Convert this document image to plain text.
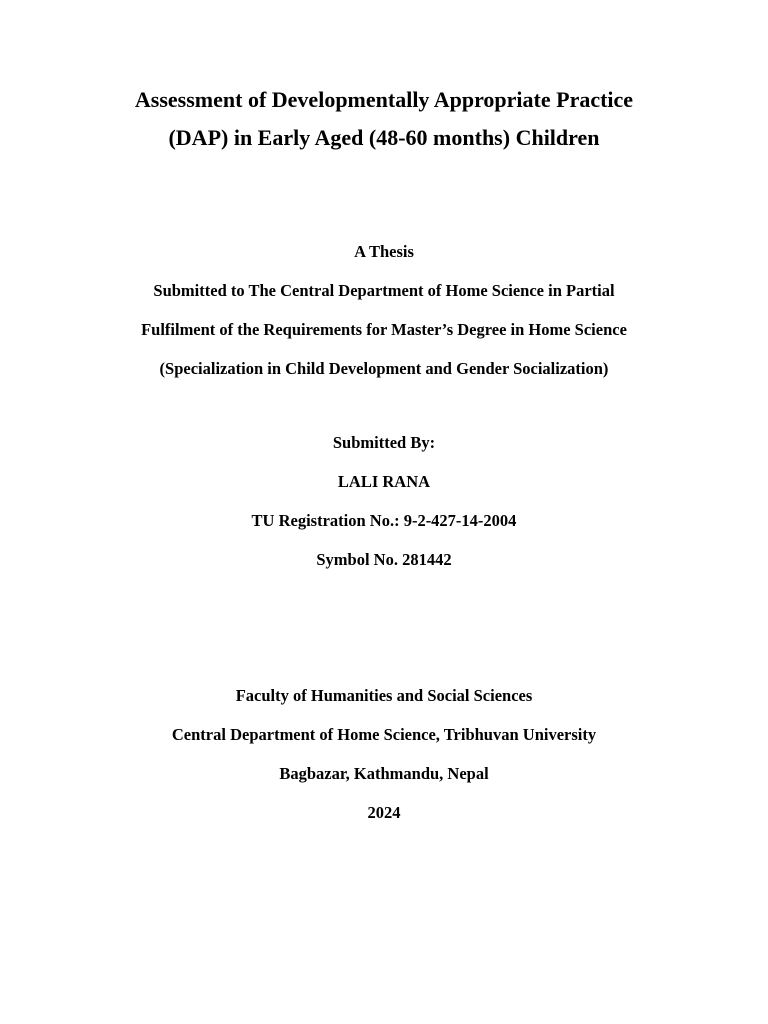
Assessment of Developmentally Appropriate Practice
(DAP) in Early Aged (48-60 months) Children
A Thesis
Submitted to The Central Department of Home Science in Partial
Fulfilment of the Requirements for Master’s Degree in Home Science
(Specialization in Child Development and Gender Socialization)
Submitted By:
LALI RANA
TU Registration No.: 9-2-427-14-2004
Symbol No. 281442
Faculty of Humanities and Social Sciences
Central Department of Home Science, Tribhuvan University
Bagbazar, Kathmandu, Nepal
2024
